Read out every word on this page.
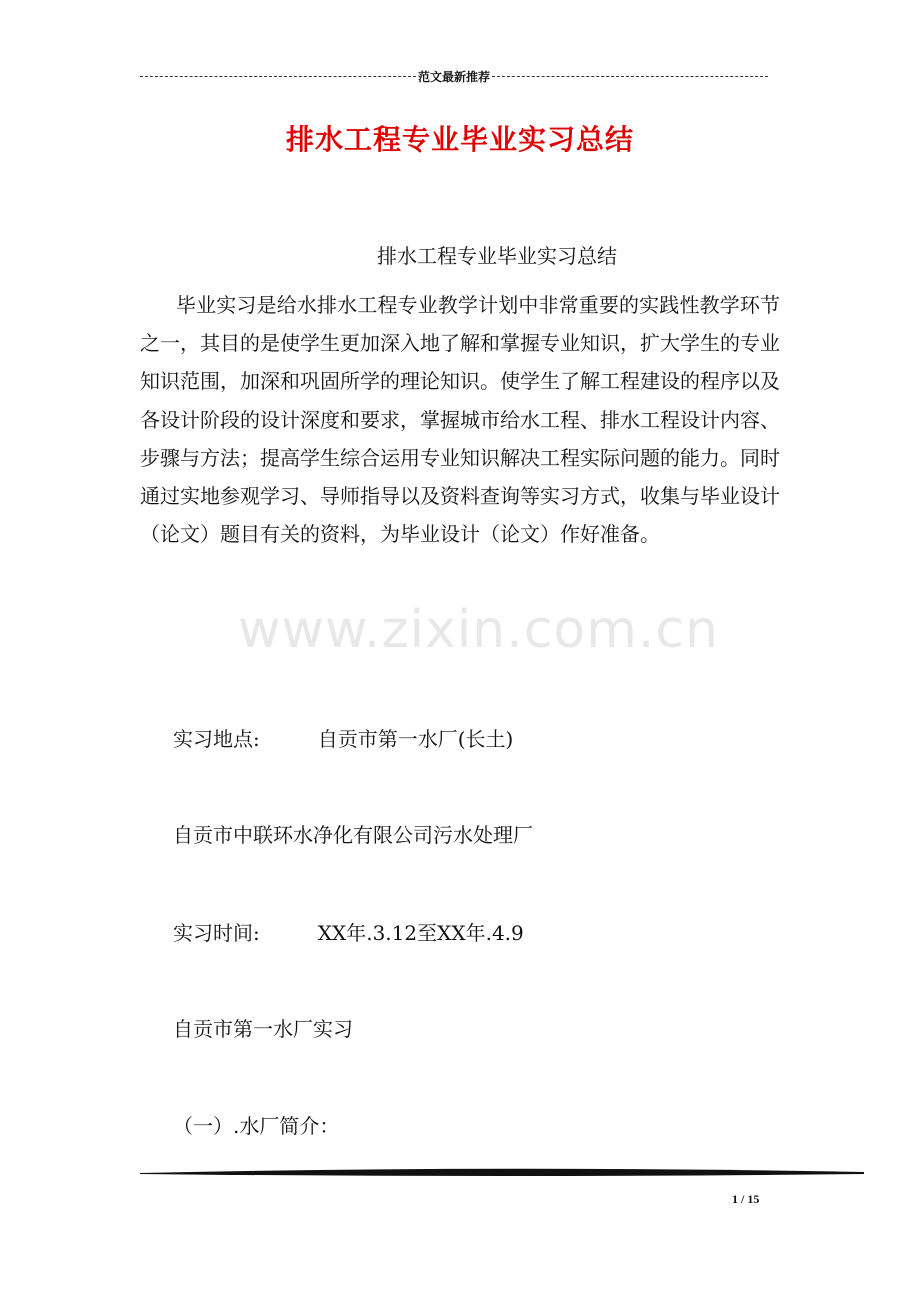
范文最新推荐
排水工程专业毕业实习总结
排水工程专业毕业实习总结

毕业实习是给水排水工程专业教学计划中非常重要的实践性教学环节之一，其目的是使学生更加深入地了解和掌握专业知识，扩大学生的专业知识范围，加深和巩固所学的理论知识。使学生了解工程建设的程序以及各设计阶段的设计深度和要求，掌握城市给水工程、排水工程设计内容、步骤与方法；提高学生综合运用专业知识解决工程实际问题的能力。同时通过实地参观学习、导师指导以及资料查询等实习方式，收集与毕业设计（论文）题目有关的资料，为毕业设计（论文）作好准备。

www.zixin.com.cn
实习地点:	自贡市第一水厂(长土)
自贡市中联环水净化有限公司污水处理厂
实习时间:	XX年.3.12至XX年.4.9
自贡市第一水厂实习
（一）.水厂简介：
1 / 15
